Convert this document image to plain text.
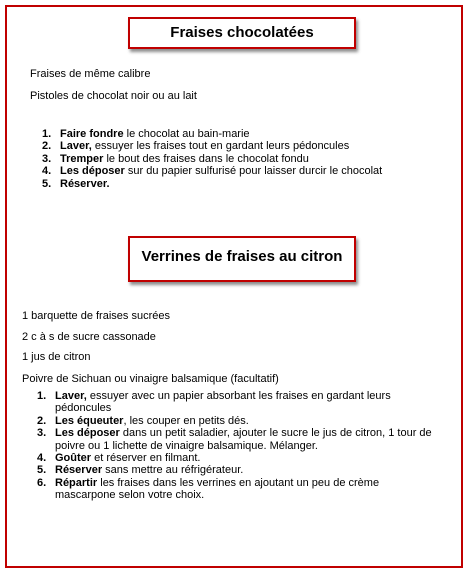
Fraises chocolatées
Fraises de même calibre
Pistoles de chocolat noir ou au lait
1. Faire fondre le chocolat au bain-marie
2. Laver, essuyer les fraises tout en gardant leurs pédoncules
3. Tremper le bout des fraises dans le chocolat fondu
4. Les déposer sur du papier sulfurisé pour laisser durcir le chocolat
5. Réserver.
Verrines de fraises au citron
1 barquette de fraises sucrées
2 c à s de sucre cassonade
1 jus de citron
Poivre de Sichuan ou vinaigre balsamique (facultatif)
1. Laver, essuyer avec un papier absorbant les fraises en gardant leurs pédoncules
2. Les équeuter, les couper en petits dés.
3. Les déposer dans un petit saladier, ajouter le sucre le jus de citron, 1 tour de poivre ou 1 lichette de vinaigre balsamique. Mélanger.
4. Goûter et réserver en filmant.
5. Réserver sans mettre au réfrigérateur.
6. Répartir les fraises dans les verrines en ajoutant un peu de crème mascarpone selon votre choix.
